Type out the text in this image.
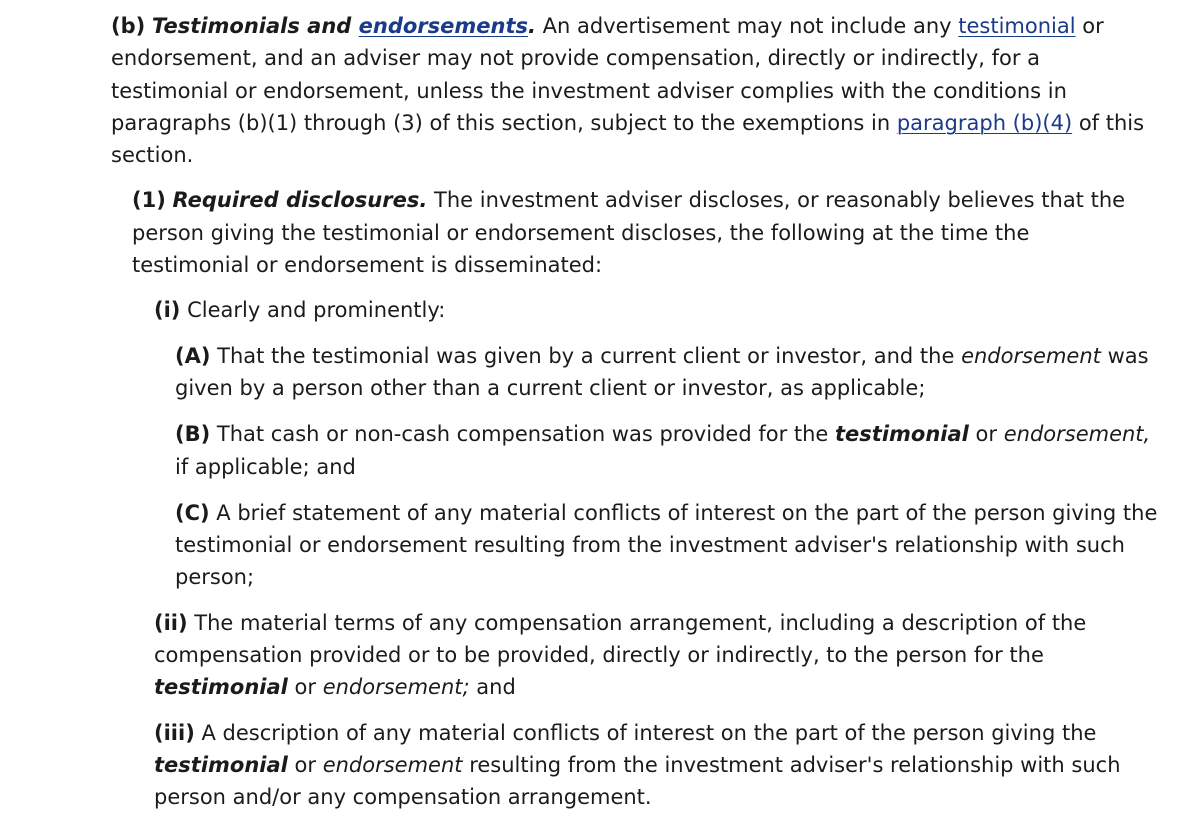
(b) Testimonials and endorsements. An advertisement may not include any testimonial or endorsement, and an adviser may not provide compensation, directly or indirectly, for a testimonial or endorsement, unless the investment adviser complies with the conditions in paragraphs (b)(1) through (3) of this section, subject to the exemptions in paragraph (b)(4) of this section.

(1) Required disclosures. The investment adviser discloses, or reasonably believes that the person giving the testimonial or endorsement discloses, the following at the time the testimonial or endorsement is disseminated:

(i) Clearly and prominently:

(A) That the testimonial was given by a current client or investor, and the endorsement was given by a person other than a current client or investor, as applicable;

(B) That cash or non-cash compensation was provided for the testimonial or endorsement, if applicable; and

(C) A brief statement of any material conflicts of interest on the part of the person giving the testimonial or endorsement resulting from the investment adviser's relationship with such person;

(ii) The material terms of any compensation arrangement, including a description of the compensation provided or to be provided, directly or indirectly, to the person for the testimonial or endorsement; and

(iii) A description of any material conflicts of interest on the part of the person giving the testimonial or endorsement resulting from the investment adviser's relationship with such person and/or any compensation arrangement.
